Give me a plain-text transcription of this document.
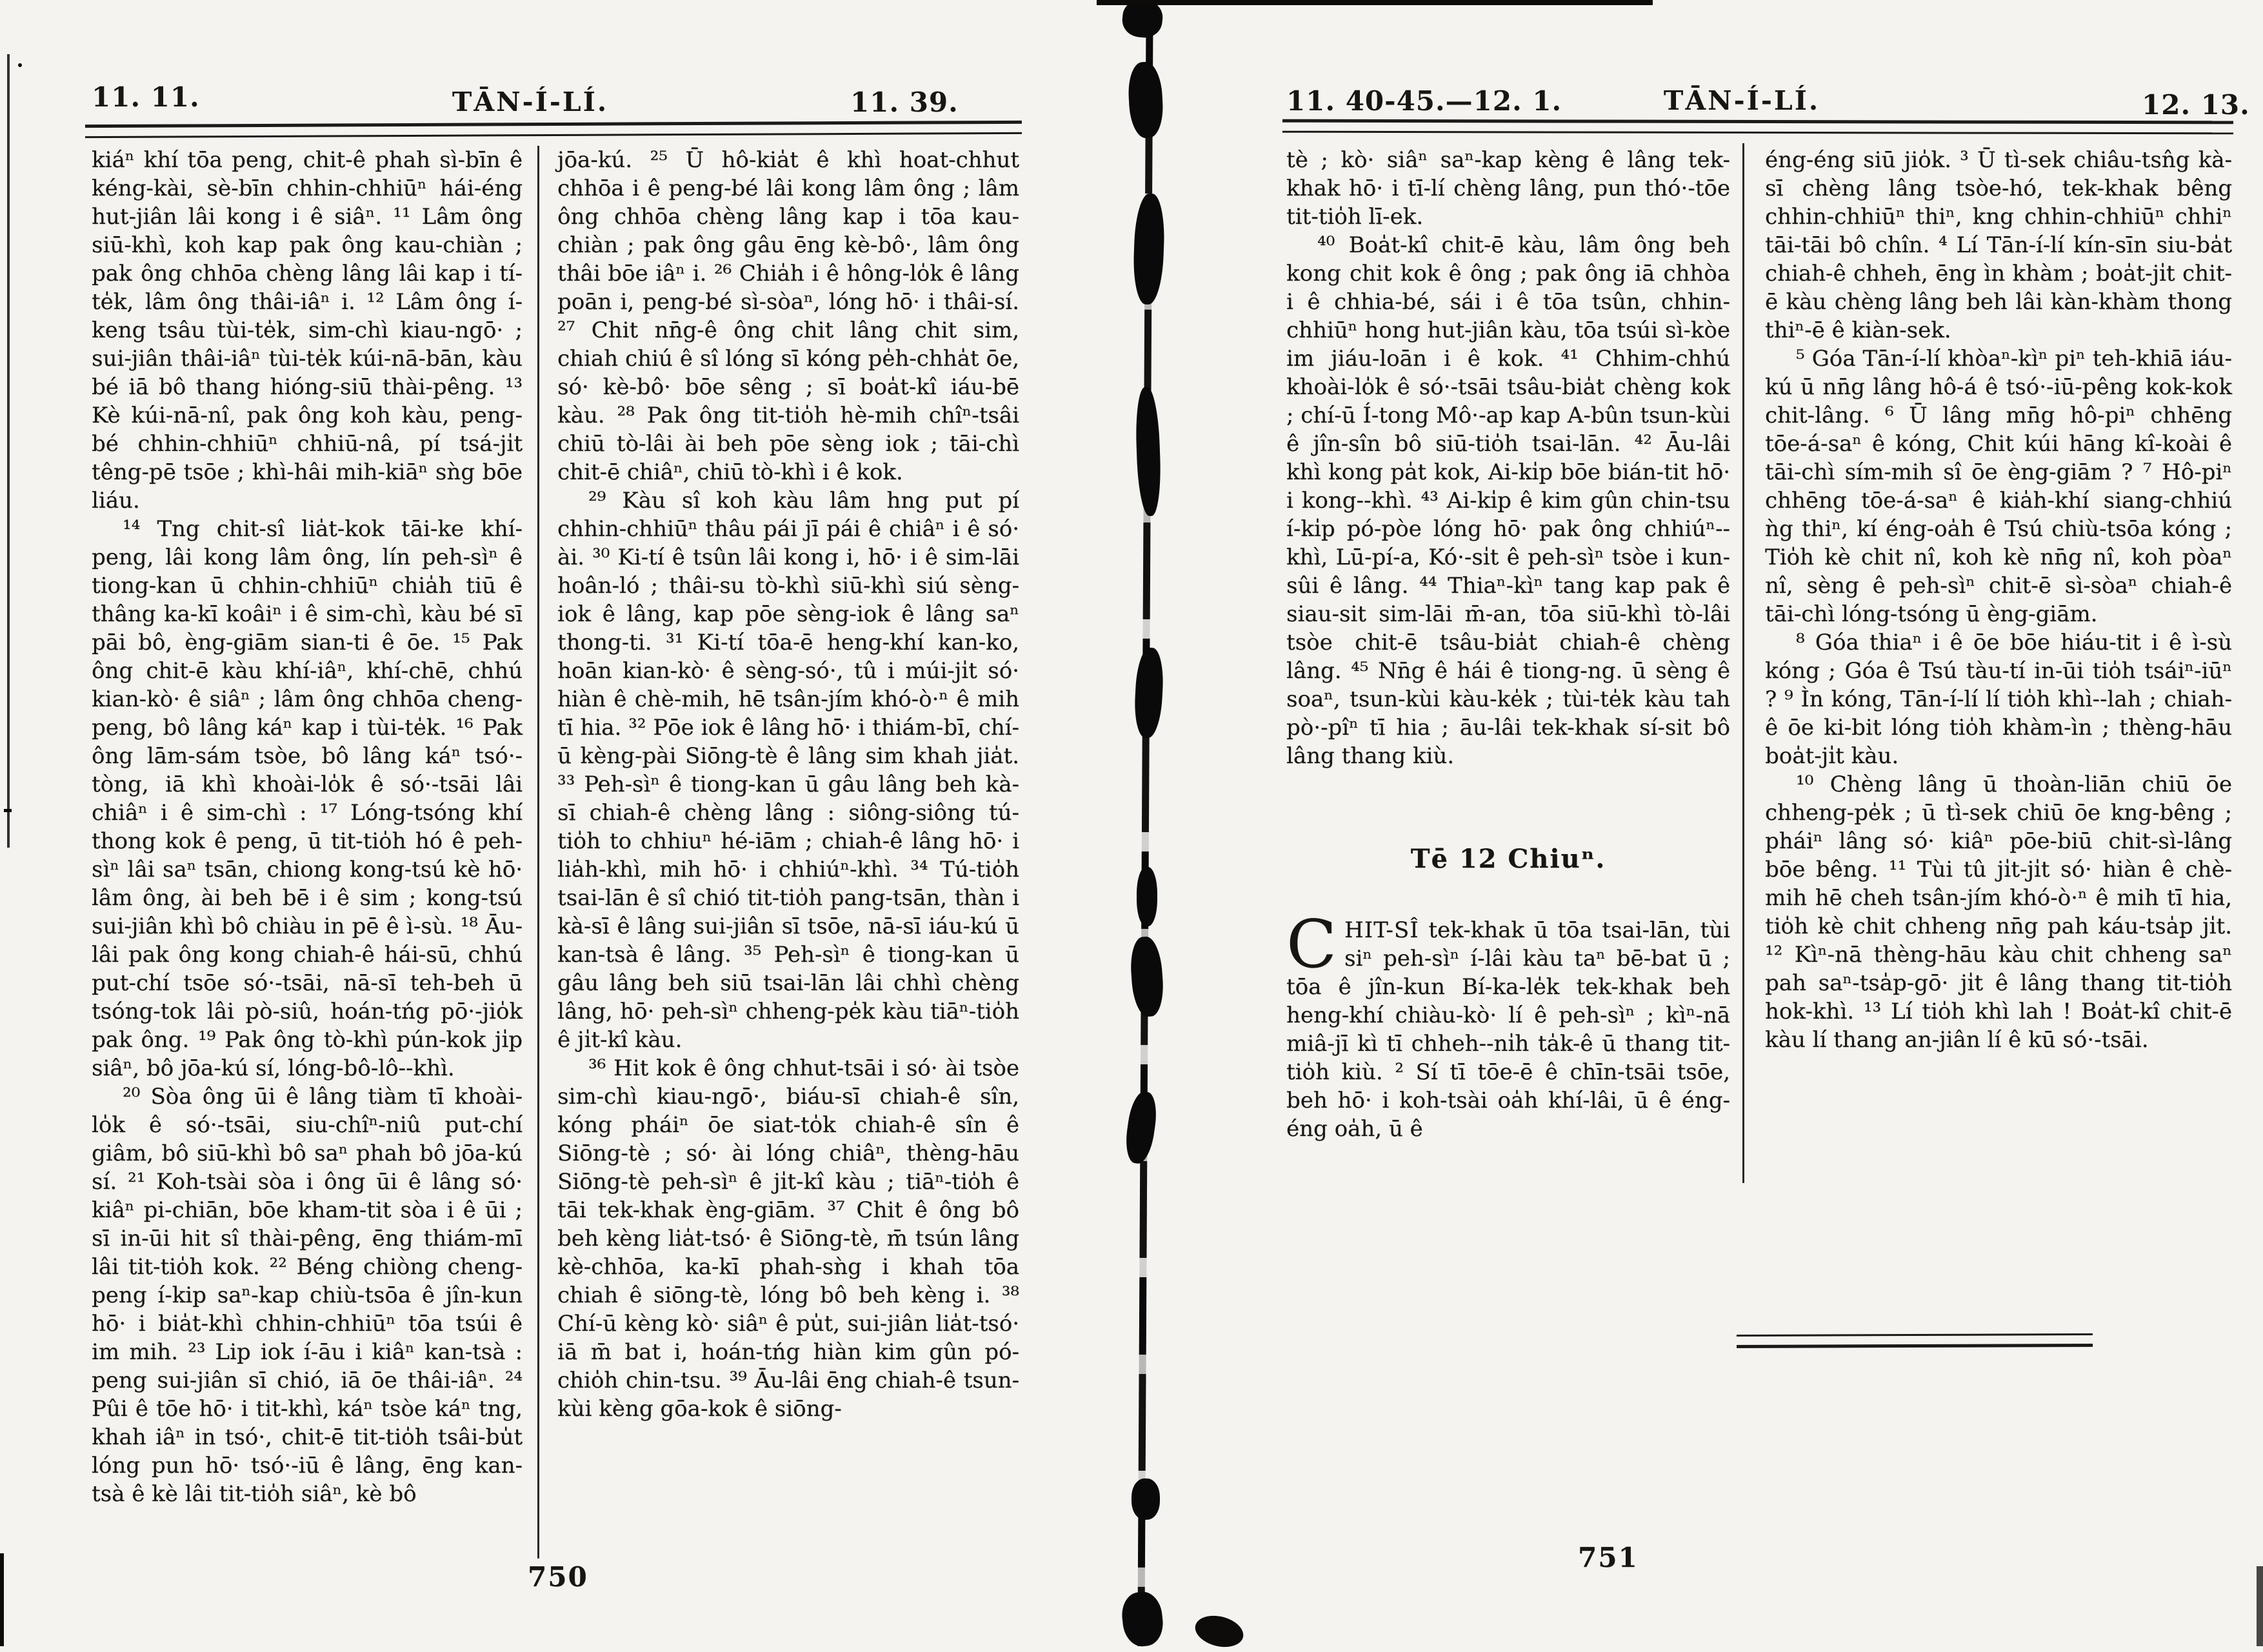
11. 11.	TĀN-Í-LÍ.	11. 39.

kiáⁿ khí tōa peng, chit-ê phah sì-bīn ê kéng-kài, sè-bīn chhin-chhiūⁿ hái-éng hut-jiân lâi kong i ê siâⁿ. ¹¹ Lâm ông siū-khì, koh kap pak ông kau-chiàn ; pak ông chhōa chèng lâng lâi kap i tí-te̍k, lâm ông thâi-iâⁿ i. ¹² Lâm ông í-keng tsâu tùi-te̍k, sim-chì kiau-ngō· ; sui-jiân thâi-iâⁿ tùi-te̍k kúi-nā-bān, kàu bé iā bô thang hióng-siū thài-pêng. ¹³ Kè kúi-nā-nî, pak ông koh kàu, peng-bé chhin-chhiūⁿ chhiū-nâ, pí tsá-ji̍t têng-pē tsōe ; khì-hâi mih-kiāⁿ sǹg bōe liáu.

¹⁴ Tng chit-sî lia̍t-kok tāi-ke khí-peng, lâi kong lâm ông, lín peh-sìⁿ ê tiong-kan ū chhin-chhiūⁿ chia̍h tiū ê thâng ka-kī koâiⁿ i ê sim-chì, kàu bé sī pāi bô, èng-giām sian-ti ê ōe. ¹⁵ Pak ông chit-ē kàu khí-iâⁿ, khí-chē, chhú kian-kò· ê siâⁿ ; lâm ông chhōa cheng-peng, bô lâng káⁿ kap i tùi-te̍k. ¹⁶ Pak ông lām-sám tsòe, bô lâng káⁿ tsó·-tòng, iā khì khoài-lo̍k ê só·-tsāi lâi chiâⁿ i ê sim-chì : ¹⁷ Lóng-tsóng khí thong kok ê peng, ū tit-tio̍h hó ê peh-sìⁿ lâi saⁿ tsān, chiong kong-tsú kè hō· lâm ông, ài beh bē i ê sim ; kong-tsú sui-jiân khì bô chiàu in pē ê ì-sù. ¹⁸ Āu-lâi pak ông kong chiah-ê hái-sū, chhú put-chí tsōe só·-tsāi, nā-sī teh-beh ū tsóng-tok lâi pò-siû, hoán-tńg pō·-jio̍k pak ông. ¹⁹ Pak ông tò-khì pún-kok ji̍p siâⁿ, bô jōa-kú sí, lóng-bô-lô--khì.

²⁰ Sòa ông ūi ê lâng tiàm tī khoài-lo̍k ê só·-tsāi, siu-chîⁿ-niû put-chí giâm, bô siū-khì bô saⁿ phah bô jōa-kú sí. ²¹ Koh-tsài sòa i ông ūi ê lâng só· kiâⁿ pi-chiān, bōe kham-tit sòa i ê ūi ; sī in-ūi hit sî thài-pêng, ēng thiám-mī lâi tit-tio̍h kok. ²² Béng chiòng cheng-peng í-kip saⁿ-kap chiù-tsōa ê jîn-kun hō· i bia̍t-khì chhin-chhiūⁿ tōa tsúi ê im mih. ²³ Lip iok í-āu i kiâⁿ kan-tsà : peng sui-jiân sī chió, iā ōe thâi-iâⁿ. ²⁴ Pûi ê tōe hō· i tit-khì, káⁿ tsòe káⁿ tng, khah iâⁿ in tsó·, chit-ē tit-tio̍h tsâi-bu̍t lóng pun hō· tsó·-iū ê lâng, ēng kan-tsà ê kè lâi tit-tio̍h siâⁿ, kè bô

jōa-kú. ²⁵ Ū hô-kia̍t ê khì hoat-chhut chhōa i ê peng-bé lâi kong lâm ông ; lâm ông chhōa chèng lâng kap i tōa kau-chiàn ; pak ông gâu ēng kè-bô·, lâm ông thâi bōe iâⁿ i. ²⁶ Chia̍h i ê hông-lo̍k ê lâng poān i, peng-bé sì-sòaⁿ, lóng hō· i thâi-sí. ²⁷ Chit nn̄g-ê ông chit lâng chit sim, chiah chiú ê sî lóng sī kóng pe̍h-chha̍t ōe, só· kè-bô· bōe sêng ; sī boa̍t-kî iáu-bē kàu. ²⁸ Pak ông tit-tio̍h hè-mih chîⁿ-tsâi chiū tò-lâi ài beh pōe sèng iok ; tāi-chì chit-ē chiâⁿ, chiū tò-khì i ê kok.

²⁹ Kàu sî koh kàu lâm hng put pí chhin-chhiūⁿ thâu pái jī pái ê chiâⁿ i ê só· ài. ³⁰ Ki-tí ê tsûn lâi kong i, hō· i ê sim-lāi hoân-ló ; thâi-su tò-khì siū-khì siú sèng-iok ê lâng, kap pōe sèng-iok ê lâng saⁿ thong-ti. ³¹ Ki-tí tōa-ē heng-khí kan-ko, hoān kian-kò· ê sèng-só·, tû i múi-ji̍t só· hiàn ê chè-mih, hē tsân-jím khó-ò·ⁿ ê mih tī hia. ³² Pōe iok ê lâng hō· i thiám-bī, chí-ū kèng-pài Siōng-tè ê lâng sim khah jia̍t. ³³ Peh-sìⁿ ê tiong-kan ū gâu lâng beh kà-sī chiah-ê chèng lâng : siông-siông tú-tio̍h to chhiuⁿ hé-iām ; chiah-ê lâng hō· i lia̍h-khì, mih hō· i chhiúⁿ-khì. ³⁴ Tú-tio̍h tsai-lān ê sî chió tit-tio̍h pang-tsān, thàn i kà-sī ê lâng sui-jiân sī tsōe, nā-sī iáu-kú ū kan-tsà ê lâng. ³⁵ Peh-sìⁿ ê tiong-kan ū gâu lâng beh siū tsai-lān lâi chhì chèng lâng, hō· peh-sìⁿ chheng-pe̍k kàu tiāⁿ-tio̍h ê ji̍t-kî kàu.

³⁶ Hit kok ê ông chhut-tsāi i só· ài tsòe sim-chì kiau-ngō·, biáu-sī chiah-ê sîn, kóng pháiⁿ ōe siat-to̍k chiah-ê sîn ê Siōng-tè ; só· ài lóng chiâⁿ, thèng-hāu Siōng-tè peh-sìⁿ ê ji̍t-kî kàu ; tiāⁿ-tio̍h ê tāi tek-khak èng-giām. ³⁷ Chit ê ông bô beh kèng lia̍t-tsó· ê Siōng-tè, m̄ tsún lâng kè-chhōa, ka-kī phah-sǹg i khah tōa chiah ê siōng-tè, lóng bô beh kèng i. ³⁸ Chí-ū kèng kò· siâⁿ ê pu̍t, sui-jiân lia̍t-tsó· iā m̄ bat i, hoán-tńg hiàn kim gûn pó-chio̍h chin-tsu. ³⁹ Āu-lâi ēng chiah-ê tsun-kùi kèng gōa-kok ê siōng-

750
11. 40-45.—12. 1.	TĀN-Í-LÍ.	12. 13.

tè ; kò· siâⁿ saⁿ-kap kèng ê lâng tek-khak hō· i tī-lí chèng lâng, pun thó·-tōe tit-tio̍h lī-ek.

⁴⁰ Boa̍t-kî chit-ē kàu, lâm ông beh kong chit kok ê ông ; pak ông iā chhòa i ê chhia-bé, sái i ê tōa tsûn, chhin-chhiūⁿ hong hut-jiân kàu, tōa tsúi sì-kòe im jiáu-loān i ê kok. ⁴¹ Chhim-chhú khoài-lo̍k ê só·-tsāi tsâu-bia̍t chèng kok ; chí-ū Í-tong Mô·-ap kap A-bûn tsun-kùi ê jîn-sîn bô siū-tio̍h tsai-lān. ⁴² Āu-lâi khì kong pa̍t kok, Ai-ki̍p bōe bián-tit hō· i kong--khì. ⁴³ Ai-ki̍p ê kim gûn chin-tsu í-ki̍p pó-pòe lóng hō· pak ông chhiúⁿ--khì, Lū-pí-a, Kó·-si̍t ê peh-sìⁿ tsòe i kun-sûi ê lâng. ⁴⁴ Thiaⁿ-kìⁿ tang kap pak ê siau-sit sim-lāi m̄-an, tōa siū-khì tò-lâi tsòe chit-ē tsâu-bia̍t chiah-ê chèng lâng. ⁴⁵ Nn̄g ê hái ê tiong-ng. ū sèng ê soaⁿ, tsun-kùi kàu-ke̍k ; tùi-te̍k kàu tah pò·-pîⁿ tī hia ; āu-lâi tek-khak sí-sit bô lâng thang kiù.

Tē 12 Chiuⁿ.

CHIT-SÎ tek-khak ū tōa tsai-lān, tùi siⁿ peh-sìⁿ í-lâi kàu taⁿ bē-bat ū ; tōa ê jîn-kun Bí-ka-le̍k tek-khak beh heng-khí chiàu-kò· lí ê peh-sìⁿ ; kìⁿ-nā miâ-jī kì tī chheh--ni̍h ta̍k-ê ū thang tit-tio̍h kiù. ² Sí tī tōe-ē ê chīn-tsāi tsōe, beh hō· i koh-tsài oa̍h khí-lâi, ū ê éng-éng oa̍h, ū ê

éng-éng siū jio̍k. ³ Ū tì-sek chiâu-tsn̂g kà-sī chèng lâng tsòe-hó, tek-khak bêng chhin-chhiūⁿ thiⁿ, kng chhin-chhiūⁿ chhiⁿ tāi-tāi bô chîn. ⁴ Lí Tān-í-lí kín-sīn siu-ba̍t chiah-ê chheh, ēng ìn khàm ; boa̍t-ji̍t chit-ē kàu chèng lâng beh lâi kàn-khàm thong thiⁿ-ē ê kiàn-sek.

⁵ Góa Tān-í-lí khòaⁿ-kìⁿ piⁿ teh-khiā iáu-kú ū nn̄g lâng hô-á ê tsó·-iū-pêng kok-kok chit-lâng. ⁶ Ū lâng mn̄g hô-piⁿ chhēng tōe-á-saⁿ ê kóng, Chit kúi hāng kî-koài ê tāi-chì sím-mih sî ōe èng-giām ? ⁷ Hô-piⁿ chhēng tōe-á-saⁿ ê kia̍h-khí siang-chhiú ǹg thiⁿ, kí éng-oa̍h ê Tsú chiù-tsōa kóng ; Tio̍h kè chit nî, koh kè nn̄g nî, koh pòaⁿ nî, sèng ê peh-sìⁿ chit-ē sì-sòaⁿ chiah-ê tāi-chì lóng-tsóng ū èng-giām.

⁸ Góa thiaⁿ i ê ōe bōe hiáu-tit i ê ì-sù kóng ; Góa ê Tsú tàu-tí in-ūi tio̍h tsáiⁿ-iūⁿ ? ⁹ Ìn kóng, Tān-í-lí lí tio̍h khì--lah ; chiah-ê ōe ki-bit lóng tio̍h khàm-ìn ; thèng-hāu boa̍t-ji̍t kàu.

¹⁰ Chèng lâng ū thoàn-liān chiū ōe chheng-pe̍k ; ū tì-sek chiū ōe kng-bêng ; pháiⁿ lâng só· kiâⁿ pōe-biū chit-sì-lâng bōe bêng. ¹¹ Tùi tû ji̍t-ji̍t só· hiàn ê chè-mih hē cheh tsân-jím khó-ò·ⁿ ê mih tī hia, tio̍h kè chit chheng nn̄g pah káu-tsa̍p ji̍t. ¹² Kìⁿ-nā thèng-hāu kàu chit chheng saⁿ pah saⁿ-tsa̍p-gō· ji̍t ê lâng thang tit-tio̍h hok-khì. ¹³ Lí tio̍h khì lah ! Boa̍t-kî chit-ē kàu lí thang an-jiân lí ê kū só·-tsāi.

751
